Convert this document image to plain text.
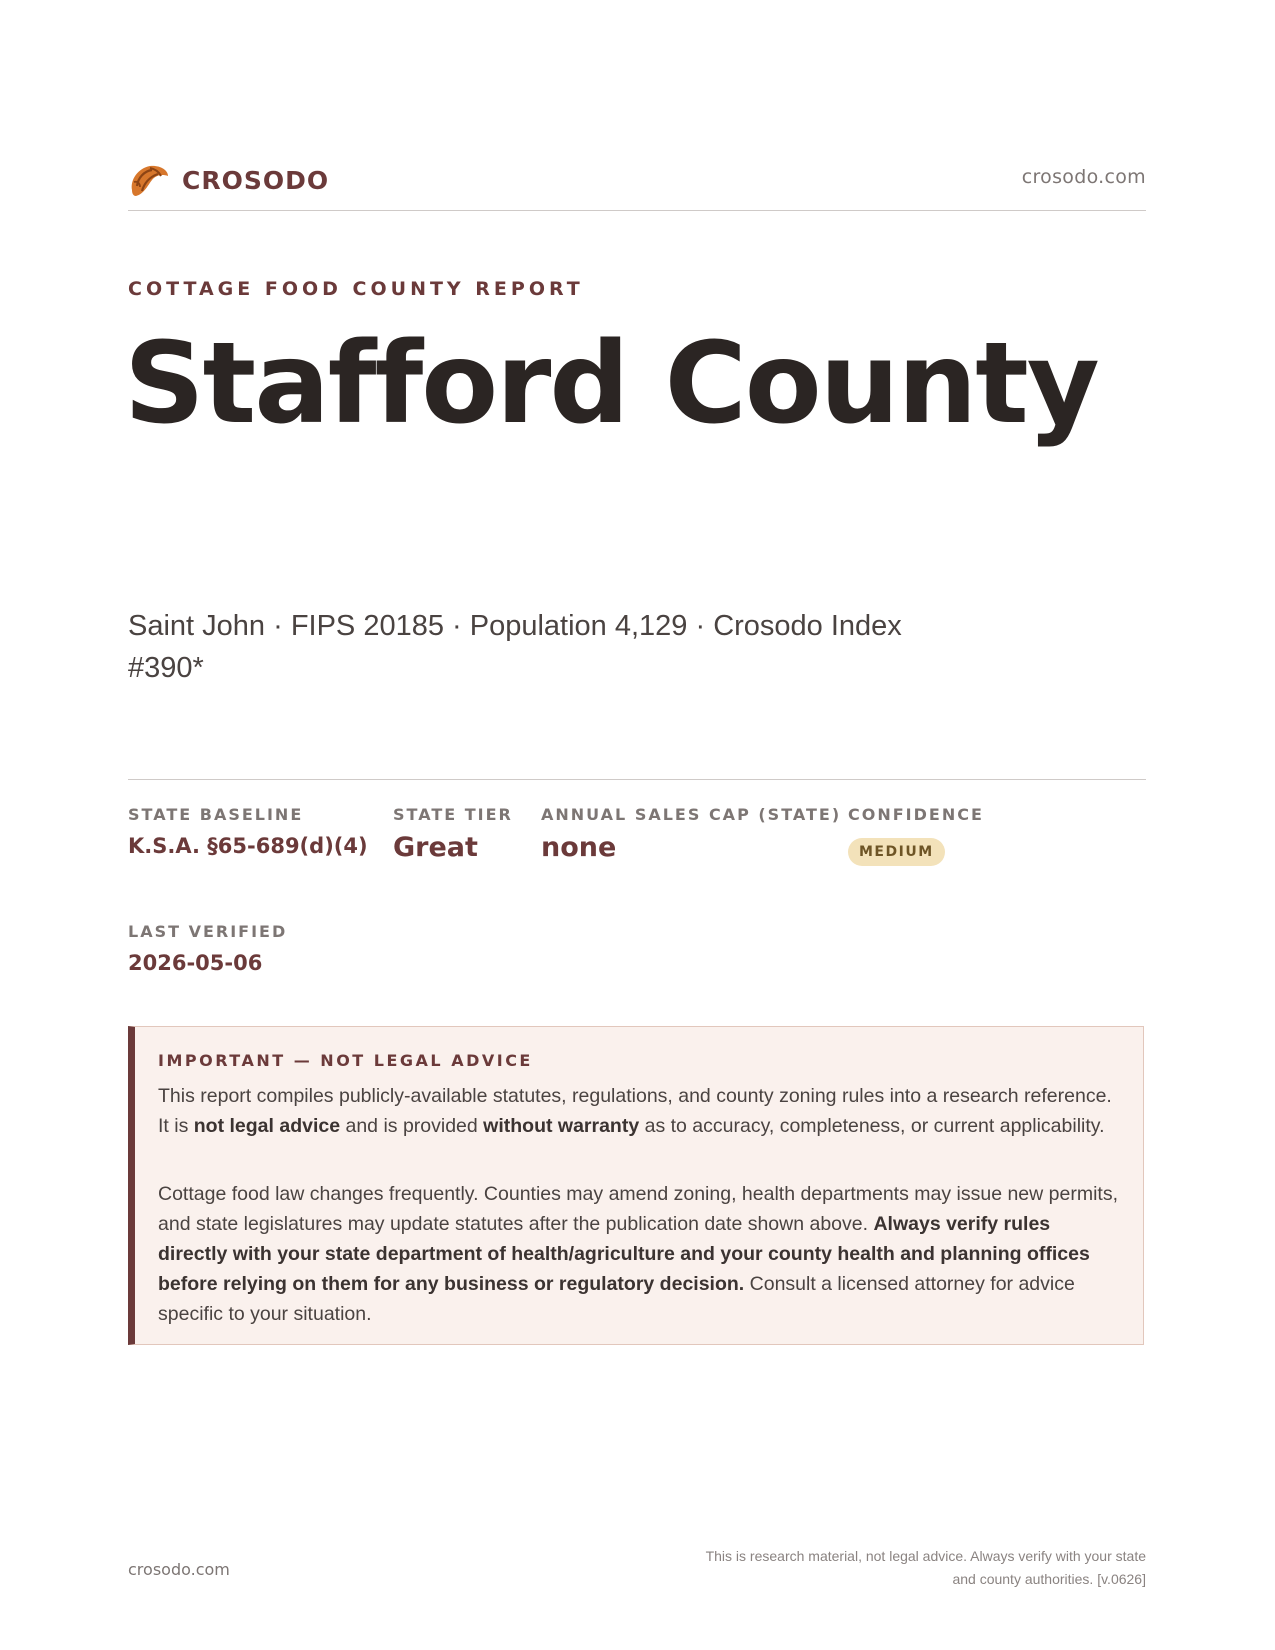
CROSODO	crosodo.com
COTTAGE FOOD COUNTY REPORT
Stafford County
Saint John · FIPS 20185 · Population 4,129 · Crosodo Index #390*
STATE BASELINE
K.S.A. §65-689(d)(4)
STATE TIER
Great
ANNUAL SALES CAP (STATE)
none
CONFIDENCE
MEDIUM
LAST VERIFIED
2026-05-06
IMPORTANT — NOT LEGAL ADVICE

This report compiles publicly-available statutes, regulations, and county zoning rules into a research reference. It is not legal advice and is provided without warranty as to accuracy, completeness, or current applicability.

Cottage food law changes frequently. Counties may amend zoning, health departments may issue new permits, and state legislatures may update statutes after the publication date shown above. Always verify rules directly with your state department of health/agriculture and your county health and planning offices before relying on them for any business or regulatory decision. Consult a licensed attorney for advice specific to your situation.

crosodo.com
This is research material, not legal advice. Always verify with your state
and county authorities. [v.0626]
